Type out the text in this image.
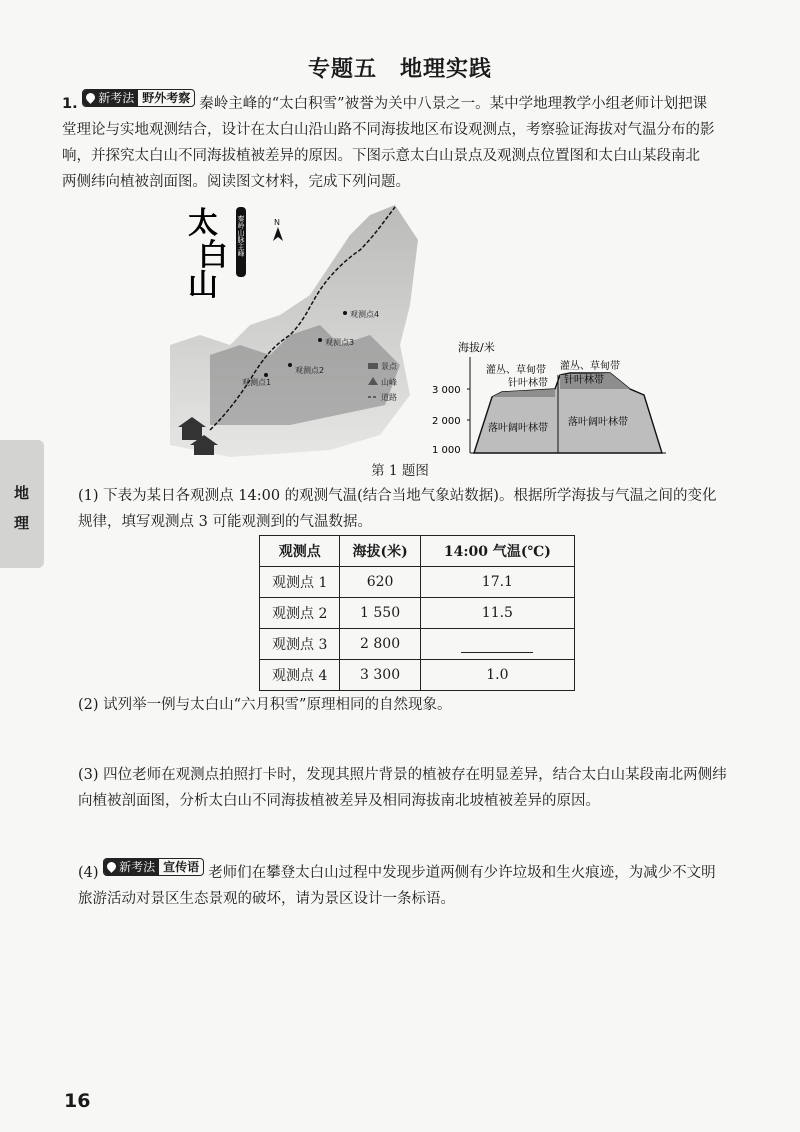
专题五　地理实践
1. 新考法 野外考察 秦岭主峰的“太白积雪”被誉为关中八景之一。某中学地理教学小组老师计划把课
堂理论与实地观测结合，设计在太白山沿山路不同海拔地区布设观测点，考察验证海拔对气温分布的影
响，并探究太白山不同海拔植被差异的原因。下图示意太白山景点及观测点位置图和太白山某段南北
两侧纬向植被剖面图。阅读图文材料，完成下列问题。
太
白
山
秦岭山脉主峰	N
观测点1
观测点2
观测点3
观测点4
景点
山峰
道路
海拔/米
3 000
2 000
1 000
灌丛、草甸带 灌丛、草甸带
针叶林带 针叶林带
落叶阔叶林带
落叶阔叶林带
第 1 题图
地
理
(1) 下表为某日各观测点 14:00 的观测气温(结合当地气象站数据)。根据所学海拔与气温之间的变化
规律，填写观测点 3 可能观测到的气温数据。
观测点	海拔(米)	14:00 气温(℃)
观测点 1	620	17.1
观测点 2	1 550	11.5
观测点 3	2 800	
观测点 4	3 300	1.0
(2) 试列举一例与太白山“六月积雪”原理相同的自然现象。
(3) 四位老师在观测点拍照打卡时，发现其照片背景的植被存在明显差异，结合太白山某段南北两侧纬
向植被剖面图，分析太白山不同海拔植被差异及相同海拔南北坡植被差异的原因。
(4) 新考法 宣传语 老师们在攀登太白山过程中发现步道两侧有少许垃圾和生火痕迹，为减少不文明
旅游活动对景区生态景观的破坏，请为景区设计一条标语。
16
